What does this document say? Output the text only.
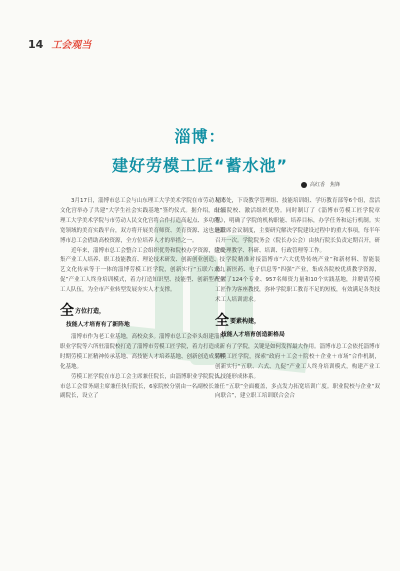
14 工会观当
淄博：
建好劳模工匠“蓄水池”
高红香　焦锋

3月17日，淄博市总工会与山东理工大学美术学院在市劳动人民文化宫举办了共建“大学生社会实践基地”签约仪式。据介绍，山东理工大学美术学院与市劳动人民文化宫将合作打造高起点、多功能、宽领域的美育实践平台，双方将开展美育师资、美育资源、这也是淄博市总工会借助高校资源，全方位培养人才的举措之一。

近年来，淄博市总工会整合工会组织优势和院校办学资源，建成集产业工人培养、职工技能教育、理论技术研发、创新创业创造、技艺文化传承等于一体的淄博劳模工匠学院，创新实行“五联六式九促”产业工人终身培训模式，着力打造知识型、技能型、创新型产业工人队伍，为全市产业转型发展夯实人才支撑。

全 方位打造，
技能人才培育有了新阵地

淄博市作为老工业基地，高校众多。淄博市总工会牵头组建淄博职业学院等六所驻淄院校打造了淄博市劳模工匠学院，着力打造成新时期劳模工匠精神传承基地、高技能人才培养基地、创新创造成果孵化基地。

劳模工匠学院在市总工会主席兼任院长，由淄博职业学院院长、市总工会常务副主席兼任执行院长，6家院校分别由一名副校长兼任副院长，设立了

秘书处，下设教学管理组、技能培训组、学历教育部等6个组，盘活驻淄院校、激活组织优势。同时制订了《淄博市劳模工匠学院章程》，明确了学院的机构职能、培养目标，办学任务和运行机制。实施联席会议制度，主要研究解决学院建设过程中的重大事项，每半年召开一次。学院院务会（院长办公会）由执行院长负责定期召开，研究处理教学、科研、培训、行政管理等工作。

学院精准对接淄博市“六大优势传统产业”和新材料、智能装备、新医药、电子信息等“四强”产业，集成各院校优质教学资源，配置了124个专业、957名师资力量和10个实践基地，并聘请劳模工匠作为客座教授，弥补学院职工教育不足的短板，有效满足各类技术工人培训需求。

全 要素构建，
技能人才培育创造新格局

有了学院，关键是如何发挥最大作用。淄博市总工会依托淄博市劳模工匠学院，探索“政府＋工会＋院校＋企业＋市场”合作机制，创新实行“五联、六式、九促”产业工人终身培训模式，构建产业工人技能形成体系。

“五联”全面覆盖，多点发力拓宽培训广度。职业院校与企业“双向联合”，建立职工培训联合会合
